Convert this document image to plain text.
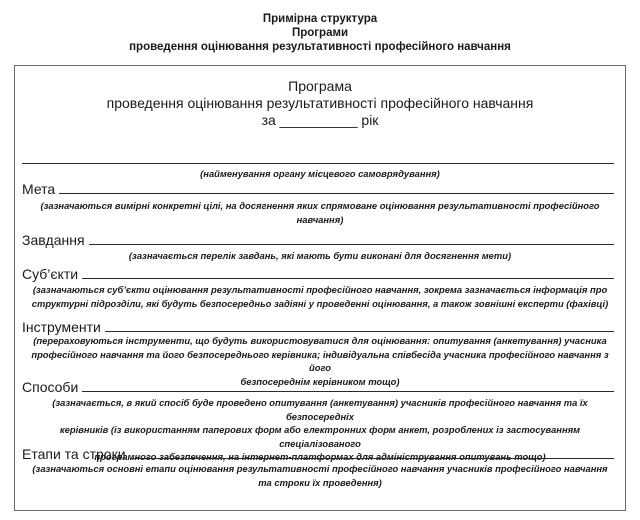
Примірна структура
Програми
проведення оцінювання результативності професійного навчання
Програма
проведення оцінювання результативності професійного навчання
за __________ рік
(найменування органу місцевого самоврядування)
Мета
(зазначаються вимірні конкретні цілі, на досягнення яких спрямоване оцінювання результативності професійного навчання)
Завдання
(зазначається перелік завдань, які мають бути виконані для досягнення мети)
Суб’єкти
(зазначаються суб’єкти оцінювання результативності професійного навчання, зокрема зазначається інформація про
структурні підрозділи, які будуть безпосередньо задіяні у проведенні оцінювання, а також зовнішні експерти (фахівці)
Інструменти
(перераховуються інструменти, що будуть використовуватися для оцінювання: опитування (анкетування) учасника
професійного навчання та його безпосереднього керівника; індивідуальна співбесіда учасника професійного навчання з його
безпосереднім керівником тощо)
Способи
(зазначається, в який спосіб буде проведено опитування (анкетування) учасників професійного навчання та їх безпосередніх
керівників (із використанням паперових форм або електронних форм анкет, розроблених із застосуванням спеціалізованого
програмного забезпечення, на інтернет-платформах для адміністрування опитувань тощо)
Етапи та строки
(зазначаються основні етапи оцінювання результативності професійного навчання учасників професійного навчання
та строки їх проведення)
